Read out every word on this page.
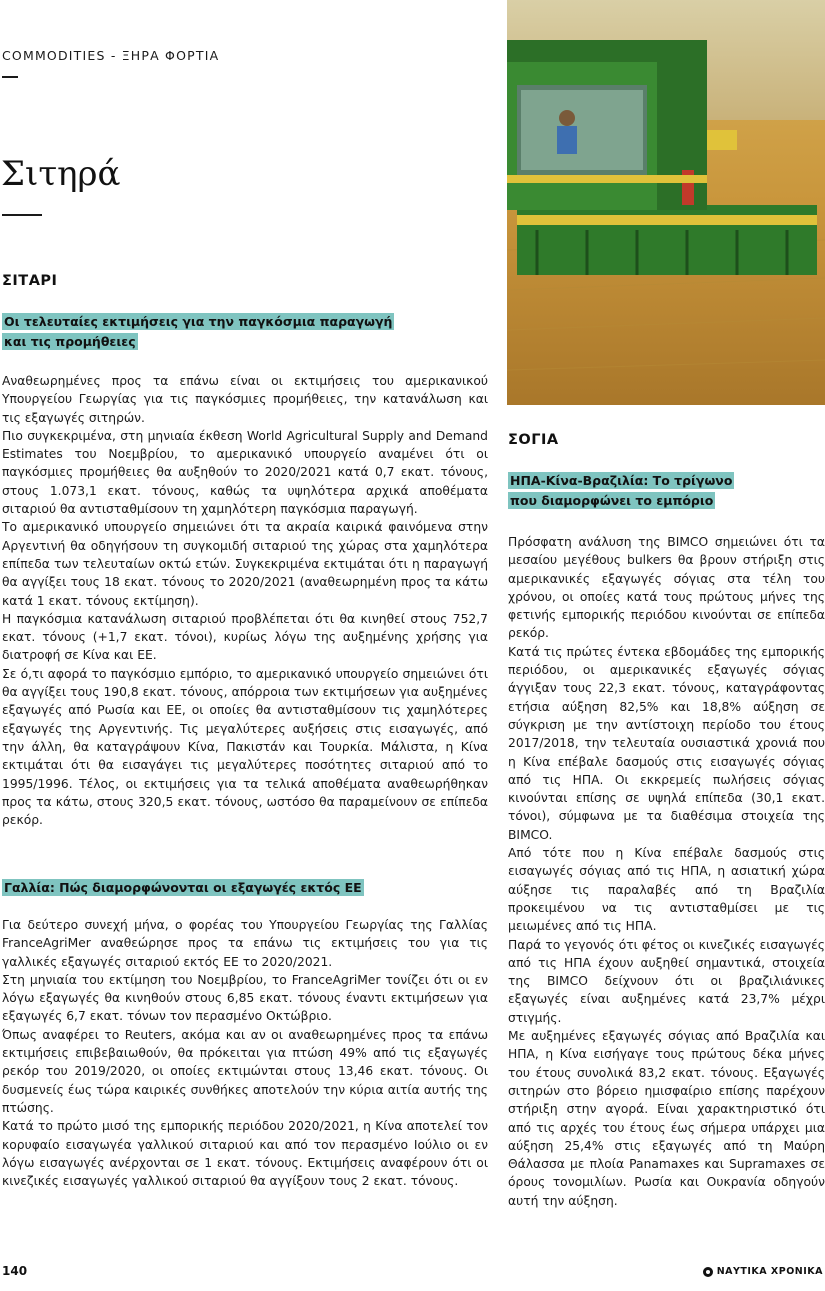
COMMODITIES - ΞΗΡΑ ΦΟΡΤΙΑ
Σιτηρά
ΣΙΤΑΡΙ
Οι τελευταίες εκτιμήσεις για την παγκόσμια παραγωγή και τις προμήθειες

Αναθεωρημένες προς τα επάνω είναι οι εκτιμήσεις του αμερικανικού Υπουργείου Γεωργίας για τις παγκόσμιες προμήθειες, την κατανάλωση και τις εξαγωγές σιτηρών.

Πιο συγκεκριμένα, στη μηνιαία έκθεση World Agricultural Supply and Demand Estimates του Νοεμβρίου, το αμερικανικό υπουργείο αναμένει ότι οι παγκόσμιες προμήθειες θα αυξηθούν το 2020/2021 κατά 0,7 εκατ. τόνους, στους 1.073,1 εκατ. τόνους, καθώς τα υψηλότερα αρχικά αποθέματα σιταριού θα αντισταθμίσουν τη χαμηλότερη παγκόσμια παραγωγή.

Το αμερικανικό υπουργείο σημειώνει ότι τα ακραία καιρικά φαινόμενα στην Αργεντινή θα οδηγήσουν τη συγκομιδή σιταριού της χώρας στα χαμηλότερα επίπεδα των τελευταίων οκτώ ετών. Συγκεκριμένα εκτιμάται ότι η παραγωγή θα αγγίξει τους 18 εκατ. τόνους το 2020/2021 (αναθεωρημένη προς τα κάτω κατά 1 εκατ. τόνους εκτίμηση).

Η παγκόσμια κατανάλωση σιταριού προβλέπεται ότι θα κινηθεί στους 752,7 εκατ. τόνους (+1,7 εκατ. τόνοι), κυρίως λόγω της αυξημένης χρήσης για διατροφή σε Κίνα και ΕΕ.

Σε ό,τι αφορά το παγκόσμιο εμπόριο, το αμερικανικό υπουργείο σημειώνει ότι θα αγγίξει τους 190,8 εκατ. τόνους, απόρροια των εκτιμήσεων για αυξημένες εξαγωγές από Ρωσία και ΕΕ, οι οποίες θα αντισταθμίσουν τις χαμηλότερες εξαγωγές της Αργεντινής. Τις μεγαλύτερες αυξήσεις στις εισαγωγές, από την άλλη, θα καταγράψουν Κίνα, Πακιστάν και Τουρκία. Μάλιστα, η Κίνα εκτιμάται ότι θα εισαγάγει τις μεγαλύτερες ποσότητες σιταριού από το 1995/1996. Τέλος, οι εκτιμήσεις για τα τελικά αποθέματα αναθεωρήθηκαν προς τα κάτω, στους 320,5 εκατ. τόνους, ωστόσο θα παραμείνουν σε επίπεδα ρεκόρ.

Γαλλία: Πώς διαμορφώνονται οι εξαγωγές εκτός ΕΕ

Για δεύτερο συνεχή μήνα, ο φορέας του Υπουργείου Γεωργίας της Γαλλίας FranceAgriMer αναθεώρησε προς τα επάνω τις εκτιμήσεις του για τις γαλλικές εξαγωγές σιταριού εκτός ΕΕ το 2020/2021.

Στη μηνιαία του εκτίμηση του Νοεμβρίου, το FranceAgriMer τονίζει ότι οι εν λόγω εξαγωγές θα κινηθούν στους 6,85 εκατ. τόνους έναντι εκτιμήσεων για εξαγωγές 6,7 εκατ. τόνων τον περασμένο Οκτώβριο.

Όπως αναφέρει το Reuters, ακόμα και αν οι αναθεωρημένες προς τα επάνω εκτιμήσεις επιβεβαιωθούν, θα πρόκειται για πτώση 49% από τις εξαγωγές ρεκόρ του 2019/2020, οι οποίες εκτιμώνται στους 13,46 εκατ. τόνους. Οι δυσμενείς έως τώρα καιρικές συνθήκες αποτελούν την κύρια αιτία αυτής της πτώσης.

Κατά το πρώτο μισό της εμπορικής περιόδου 2020/2021, η Κίνα αποτελεί τον κορυφαίο εισαγωγέα γαλλικού σιταριού και από τον περασμένο Ιούλιο οι εν λόγω εισαγωγές ανέρχονται σε 1 εκατ. τόνους. Εκτιμήσεις αναφέρουν ότι οι κινεζικές εισαγωγές γαλλικού σιταριού θα αγγίξουν τους 2 εκατ. τόνους.

ΣΟΓΙΑ
ΗΠΑ-Κίνα-Βραζιλία: Το τρίγωνο που διαμορφώνει το εμπόριο

Πρόσφατη ανάλυση της BIMCO σημειώνει ότι τα μεσαίου μεγέθους bulkers θα βρουν στήριξη στις αμερικανικές εξαγωγές σόγιας στα τέλη του χρόνου, οι οποίες κατά τους πρώτους μήνες της φετινής εμπορικής περιόδου κινούνται σε επίπεδα ρεκόρ.

Κατά τις πρώτες έντεκα εβδομάδες της εμπορικής περιόδου, οι αμερικανικές εξαγωγές σόγιας άγγιξαν τους 22,3 εκατ. τόνους, καταγράφοντας ετήσια αύξηση 82,5% και 18,8% αύξηση σε σύγκριση με την αντίστοιχη περίοδο του έτους 2017/2018, την τελευταία ουσιαστικά χρονιά που η Κίνα επέβαλε δασμούς στις εισαγωγές σόγιας από τις ΗΠΑ. Οι εκκρεμείς πωλήσεις σόγιας κινούνται επίσης σε υψηλά επίπεδα (30,1 εκατ. τόνοι), σύμφωνα με τα διαθέσιμα στοιχεία της BIMCO.

Από τότε που η Κίνα επέβαλε δασμούς στις εισαγωγές σόγιας από τις ΗΠΑ, η ασιατική χώρα αύξησε τις παραλαβές από τη Βραζιλία προκειμένου να τις αντισταθμίσει με τις μειωμένες από τις ΗΠΑ.

Παρά το γεγονός ότι φέτος οι κινεζικές εισαγωγές από τις ΗΠΑ έχουν αυξηθεί σημαντικά, στοιχεία της BIMCO δείχνουν ότι οι βραζιλιάνικες εξαγωγές είναι αυξημένες κατά 23,7% μέχρι στιγμής.

Με αυξημένες εξαγωγές σόγιας από Βραζιλία και ΗΠΑ, η Κίνα εισήγαγε τους πρώτους δέκα μήνες του έτους συνολικά 83,2 εκατ. τόνους. Εξαγωγές σιτηρών στο βόρειο ημισφαίριο επίσης παρέχουν στήριξη στην αγορά. Είναι χαρακτηριστικό ότι από τις αρχές του έτους έως σήμερα υπάρχει μια αύξηση 25,4% στις εξαγωγές από τη Μαύρη Θάλασσα με πλοία Panamaxes και Supramaxes σε όρους τονομιλίων. Ρωσία και Ουκρανία οδηγούν αυτή την αύξηση.

140	ΝΑΥΤΙΚΑ ΧΡΟΝΙΚΑ
